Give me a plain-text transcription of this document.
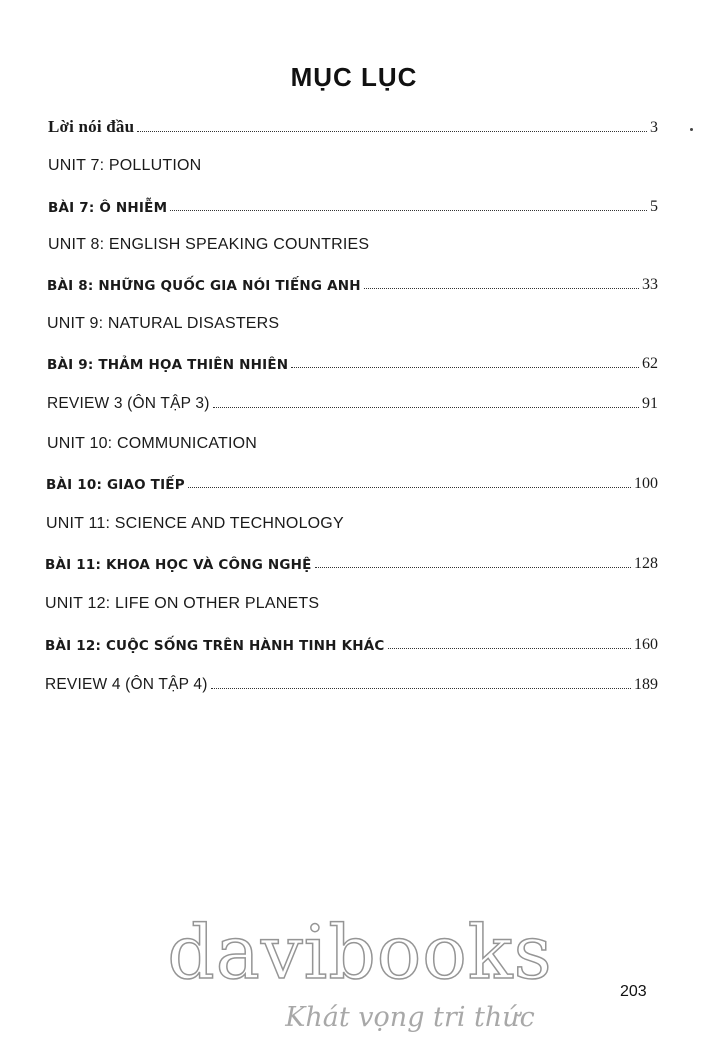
MỤC LỤC
Lời nói đầu	3
UNIT 7: POLLUTION
BÀI 7: Ô NHIỄM	5
UNIT 8: ENGLISH SPEAKING COUNTRIES
BÀI 8: NHỮNG QUỐC GIA NÓI TIẾNG ANH	33
UNIT 9: NATURAL DISASTERS
BÀI 9: THẢM HỌA THIÊN NHIÊN	62
REVIEW 3 (ÔN TẬP 3)	91
UNIT 10: COMMUNICATION
BÀI 10: GIAO TIẾP	100
UNIT 11: SCIENCE AND TECHNOLOGY
BÀI 11: KHOA HỌC VÀ CÔNG NGHỆ	128
UNIT 12: LIFE ON OTHER PLANETS
BÀI 12: CUỘC SỐNG TRÊN HÀNH TINH KHÁC	160
REVIEW 4 (ÔN TẬP 4)	189
davibooks	203
Khát vọng tri thức
